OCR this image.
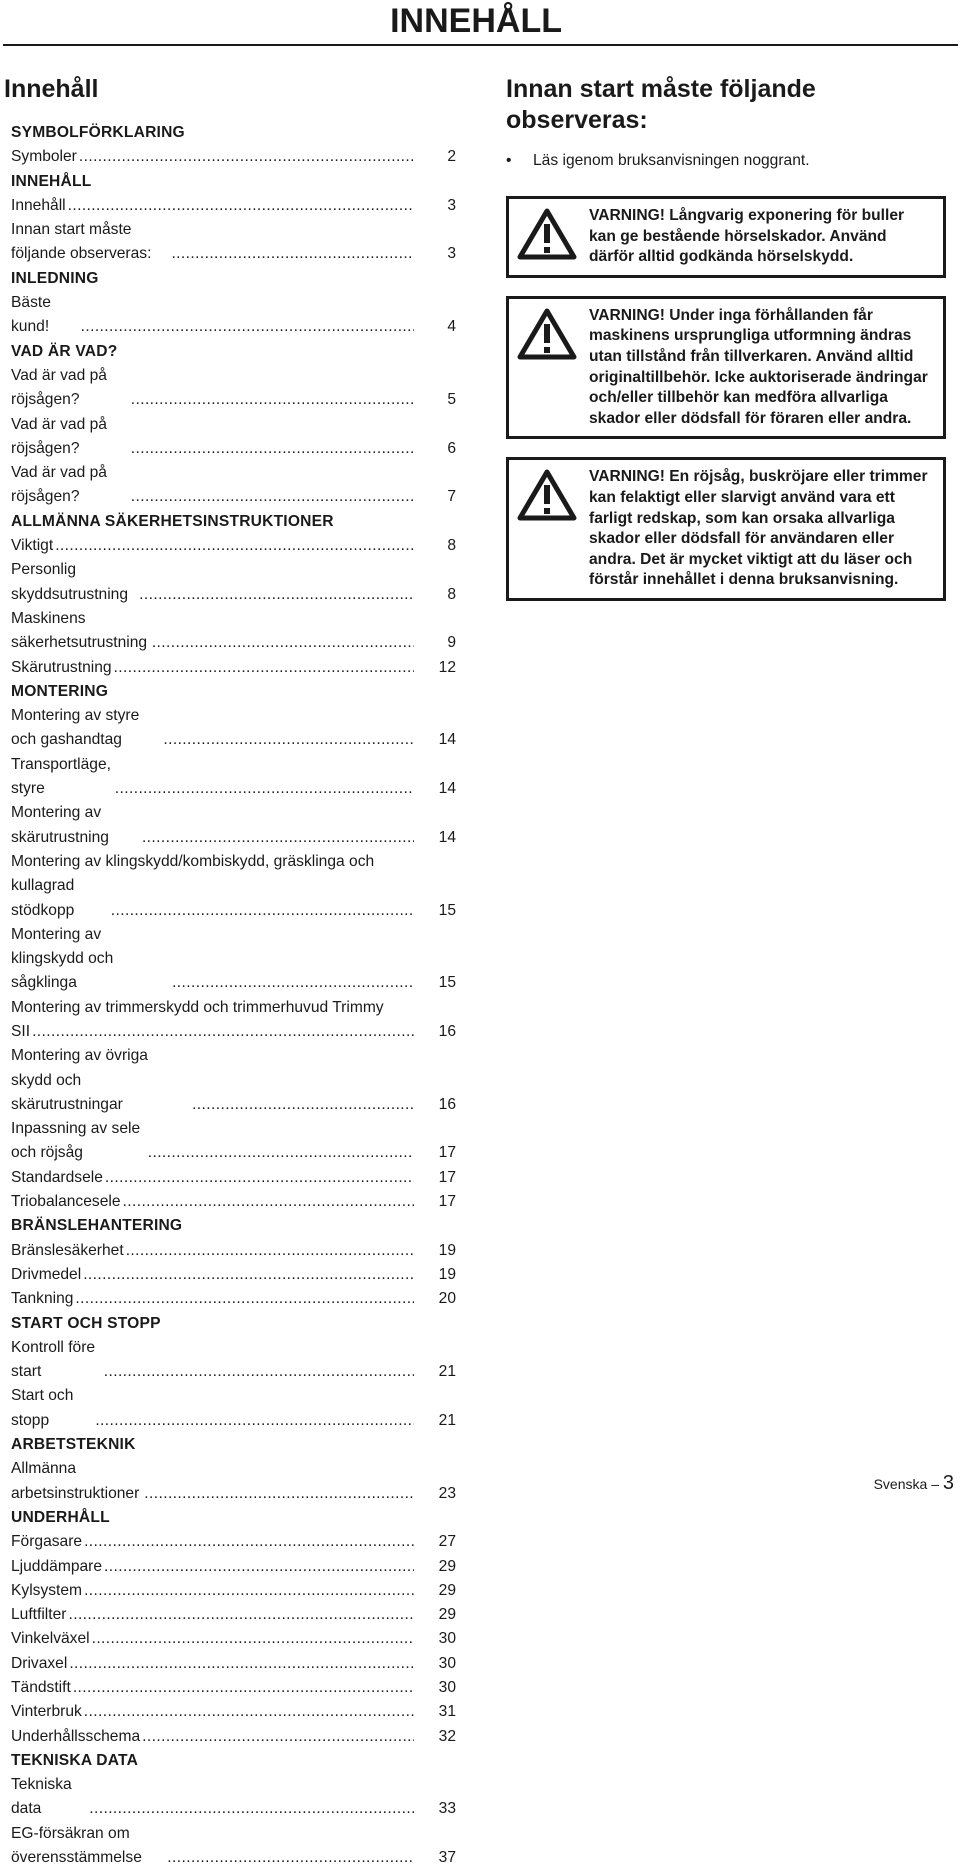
INNEHÅLL
Innehåll
SYMBOLFÖRKLARING
Symboler .....	2
INNEHÅLL
Innehåll .....	3
Innan start måste följande observeras: .....	3
INLEDNING
Bäste kund! .....	4
VAD ÄR VAD?
Vad är vad på röjsågen? .....	5
Vad är vad på röjsågen? .....	6
Vad är vad på röjsågen? .....	7
ALLMÄNNA SÄKERHETSINSTRUKTIONER
Viktigt .....	8
Personlig skyddsutrustning .....	8
Maskinens säkerhetsutrustning .....	9
Skärutrustning .....	12
MONTERING
Montering av styre och gashandtag .....	14
Transportläge, styre .....	14
Montering av skärutrustning .....	14
Montering av klingskydd/kombiskydd, gräsklinga och
kullagrad stödkopp .....	15
Montering av klingskydd och sågklinga .....	15
Montering av trimmerskydd och trimmerhuvud Trimmy
SII .....	16
Montering av övriga skydd och skärutrustningar .....	16
Inpassning av sele och röjsåg .....	17
Standardsele .....	17
Triobalancesele .....	17
BRÄNSLEHANTERING
Bränslesäkerhet .....	19
Drivmedel .....	19
Tankning .....	20
START OCH STOPP
Kontroll före start .....	21
Start och stopp .....	21
ARBETSTEKNIK
Allmänna arbetsinstruktioner .....	23
UNDERHÅLL
Förgasare .....	27
Ljuddämpare .....	29
Kylsystem .....	29
Luftfilter .....	29
Vinkelväxel .....	30
Drivaxel .....	30
Tändstift .....	30
Vinterbruk .....	31
Underhållsschema .....	32
TEKNISKA DATA
Tekniska data .....	33
EG-försäkran om överensstämmelse .....	37
Innan start måste följande observeras:
•	Läs igenom bruksanvisningen noggrant.
VARNING! Långvarig exponering för buller kan ge bestående hörselskador. Använd därför alltid godkända hörselskydd.
VARNING! Under inga förhållanden får maskinens ursprungliga utformning ändras utan tillstånd från tillverkaren. Använd alltid originaltillbehör. Icke auktoriserade ändringar och/eller tillbehör kan medföra allvarliga skador eller dödsfall för föraren eller andra.
VARNING! En röjsåg, buskröjare eller trimmer kan felaktigt eller slarvigt använd vara ett farligt redskap, som kan orsaka allvarliga skador eller dödsfall för användaren eller andra. Det är mycket viktigt att du läser och förstår innehållet i denna bruksanvisning.
Svenska – 3
